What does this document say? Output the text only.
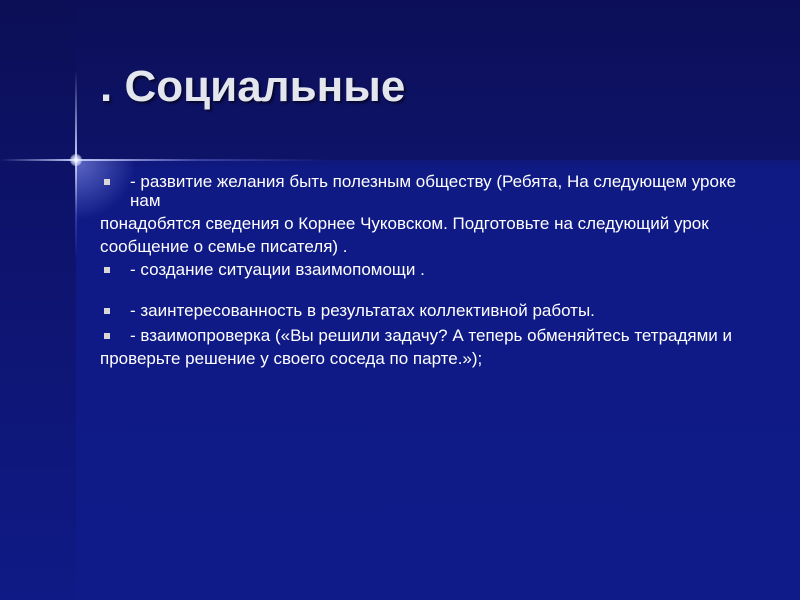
. Социальные

- развитие желания быть полезным обществу (Ребята, На следующем уроке нам

понадобятся сведения о Корнее Чуковском. Подготовьте на следующий урок

сообщение о семье писателя) .

- создание ситуации взаимопомощи .

- заинтересованность в результатах коллективной работы.

- взаимопроверка («Вы решили задачу? А теперь обменяйтесь тетрадями и

проверьте решение у своего соседа по парте.»);
